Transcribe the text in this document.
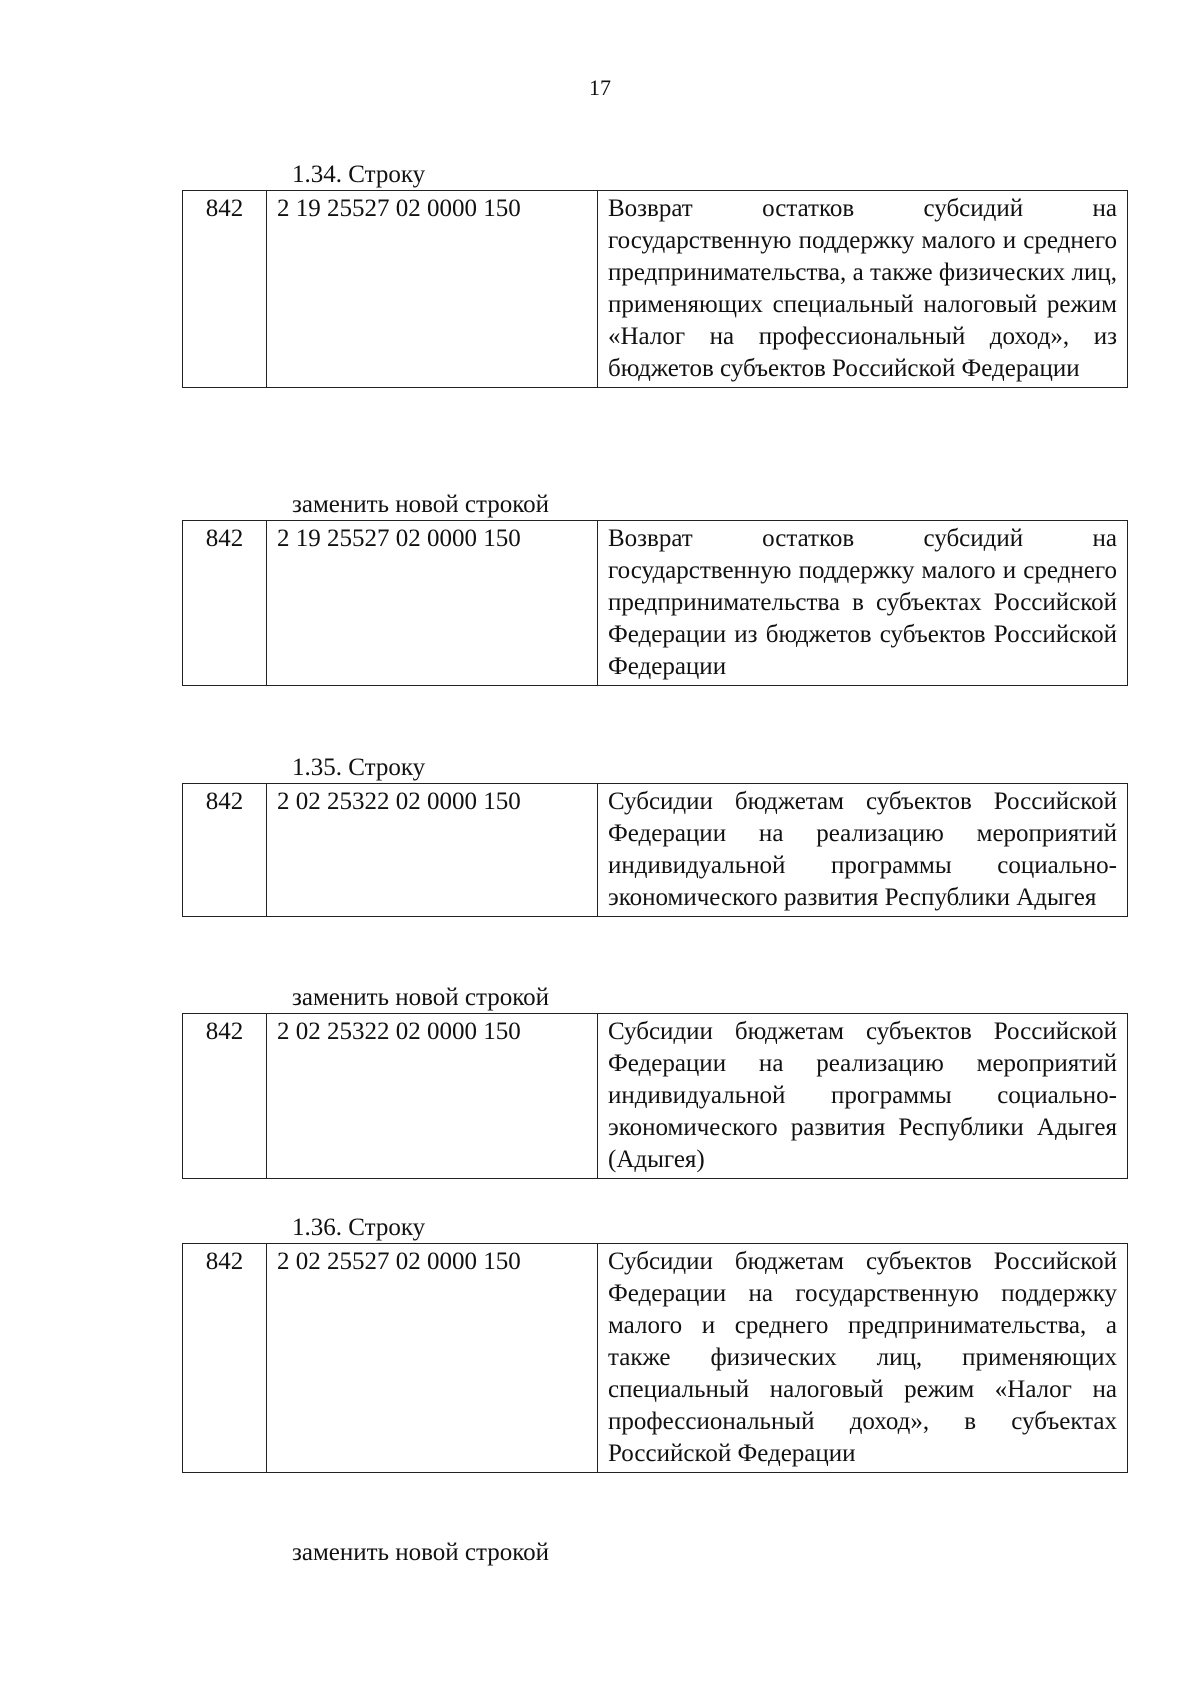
17
1.34. Строку
842	2 19 25527 02 0000 150	Возврат остатков субсидий на государственную поддержку малого и среднего предпринимательства, а также физических лиц, применяющих специальный налоговый режим «Налог на профессиональный доход», из бюджетов субъектов Российской Федерации
заменить новой строкой
842	2 19 25527 02 0000 150	Возврат остатков субсидий на государственную поддержку малого и среднего предпринимательства в субъектах Российской Федерации из бюджетов субъектов Российской Федерации
1.35. Строку
842	2 02 25322 02 0000 150	Субсидии бюджетам субъектов Российской Федерации на реализацию мероприятий индивидуальной программы социально-экономического развития Республики Адыгея
заменить новой строкой
842	2 02 25322 02 0000 150	Субсидии бюджетам субъектов Российской Федерации на реализацию мероприятий индивидуальной программы социально-экономического развития Республики Адыгея (Адыгея)
1.36. Строку
842	2 02 25527 02 0000 150	Субсидии бюджетам субъектов Российской Федерации на государственную поддержку малого и среднего предпринимательства, а также физических лиц, применяющих специальный налоговый режим «Налог на профессиональный доход», в субъектах Российской Федерации
заменить новой строкой
